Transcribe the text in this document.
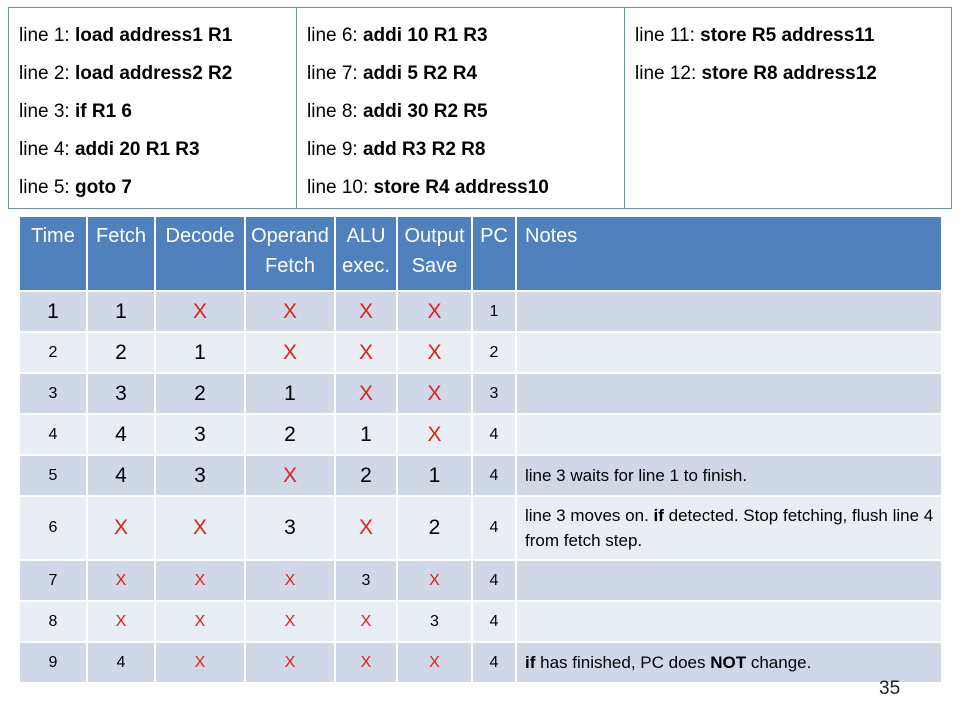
line 1: load address1 R1
line 2: load address2 R2
line 3: if R1 6
line 4: addi 20 R1 R3
line 5: goto 7
line 6: addi 10 R1 R3
line 7: addi 5 R2 R4
line 8: addi 30 R2 R5
line 9: add R3 R2 R8
line 10: store R4 address10
line 11: store R5 address11
line 12: store R8 address12
Time	Fetch	Decode	Operand Fetch	ALU exec.	Output Save	PC	Notes
1	1	X	X	X	X	1	
2	2	1	X	X	X	2	
3	3	2	1	X	X	3	
4	4	3	2	1	X	4	
5	4	3	X	2	1	4	line 3 waits for line 1 to finish.
6	X	X	3	X	2	4	line 3 moves on. if detected. Stop fetching, flush line 4 from fetch step.
7	X	X	X	3	X	4	
8	X	X	X	X	3	4	
9	4	X	X	X	X	4	if has finished, PC does NOT change.
35
